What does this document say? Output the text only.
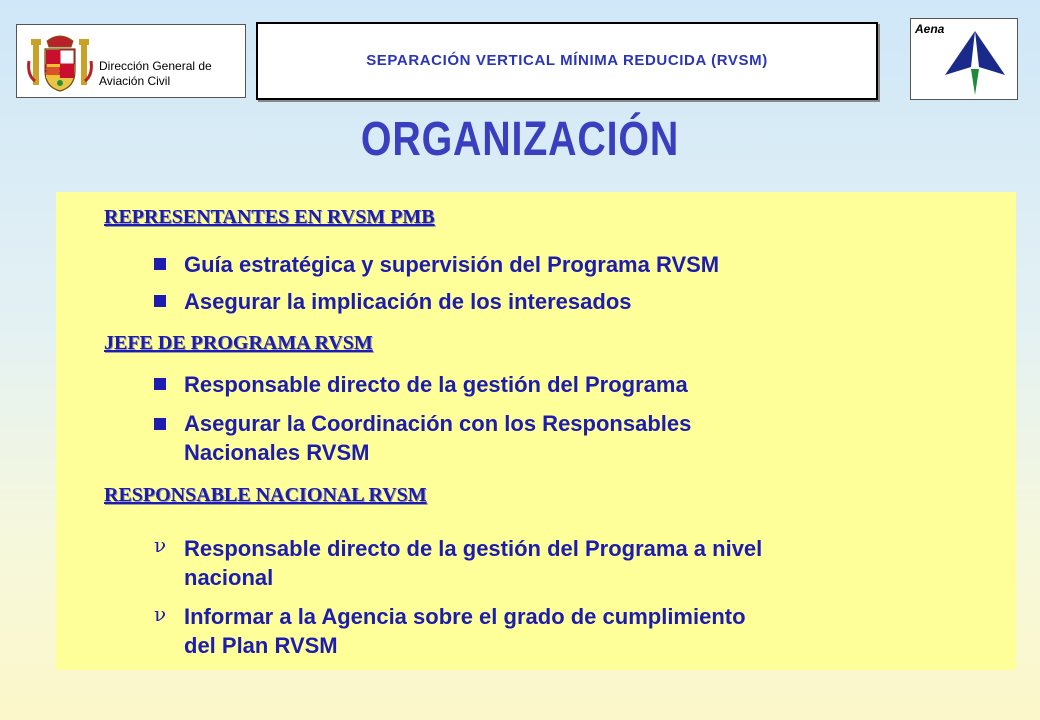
Dirección General de
Aviación Civil
SEPARACIÓN VERTICAL MÍNIMA REDUCIDA (RVSM)
Aena
ORGANIZACIÓN
REPRESENTANTES EN RVSM PMB
Guía estratégica y supervisión del Programa RVSM
Asegurar la implicación de los interesados
JEFE DE PROGRAMA RVSM
Responsable directo de la gestión del Programa
Asegurar la Coordinación con los Responsables
Nacionales RVSM
RESPONSABLE NACIONAL RVSM
ν Responsable directo de la gestión del Programa a nivel
nacional
ν Informar a la Agencia sobre el grado de cumplimiento
del Plan RVSM
